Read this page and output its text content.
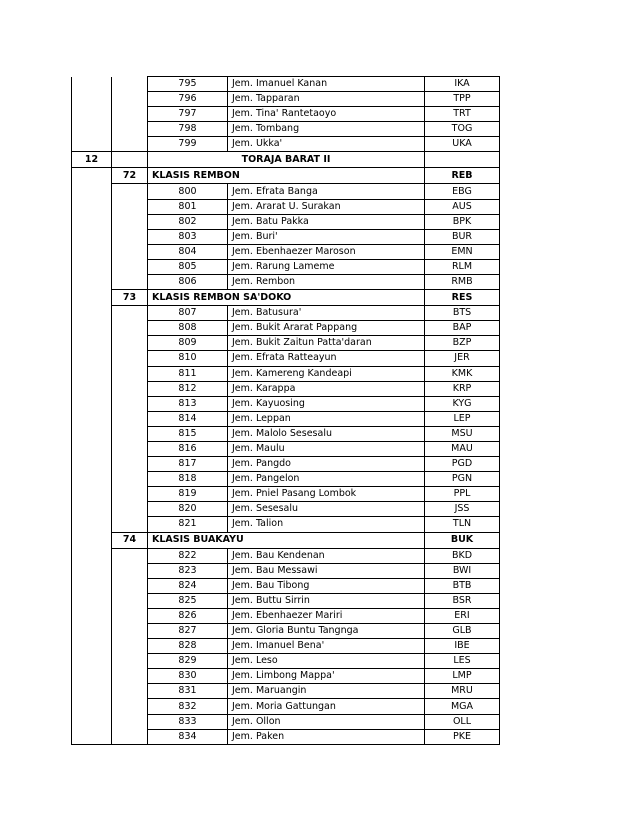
		795	Jem. Imanuel Kanan	IKA
		796	Jem. Tapparan	TPP
		797	Jem. Tina' Rantetaoyo	TRT
		798	Jem. Tombang	TOG
		799	Jem. Ukka'	UKA
12		TORAJA BARAT II		
	72	KLASIS REMBON		REB
		800	Jem. Efrata Banga	EBG
		801	Jem. Ararat U. Surakan	AUS
		802	Jem. Batu Pakka	BPK
		803	Jem. Buri'	BUR
		804	Jem. Ebenhaezer Maroson	EMN
		805	Jem. Rarung Lameme	RLM
		806	Jem. Rembon	RMB
	73	KLASIS REMBON SA'DOKO		RES
		807	Jem. Batusura'	BTS
		808	Jem. Bukit Ararat Pappang	BAP
		809	Jem. Bukit Zaitun Patta'daran	BZP
		810	Jem. Efrata Ratteayun	JER
		811	Jem. Kamereng Kandeapi	KMK
		812	Jem. Karappa	KRP
		813	Jem. Kayuosing	KYG
		814	Jem. Leppan	LEP
		815	Jem. Malolo Sesesalu	MSU
		816	Jem. Maulu	MAU
		817	Jem. Pangdo	PGD
		818	Jem. Pangelon	PGN
		819	Jem. Pniel Pasang Lombok	PPL
		820	Jem. Sesesalu	JSS
		821	Jem. Talion	TLN
	74	KLASIS BUAKAYU		BUK
		822	Jem. Bau Kendenan	BKD
		823	Jem. Bau Messawi	BWI
		824	Jem. Bau Tibong	BTB
		825	Jem. Buttu Sirrin	BSR
		826	Jem. Ebenhaezer Mariri	ERI
		827	Jem. Gloria Buntu Tangnga	GLB
		828	Jem. Imanuel Bena'	IBE
		829	Jem. Leso	LES
		830	Jem. Limbong Mappa'	LMP
		831	Jem. Maruangin	MRU
		832	Jem. Moria Gattungan	MGA
		833	Jem. Ollon	OLL
		834	Jem. Paken	PKE
